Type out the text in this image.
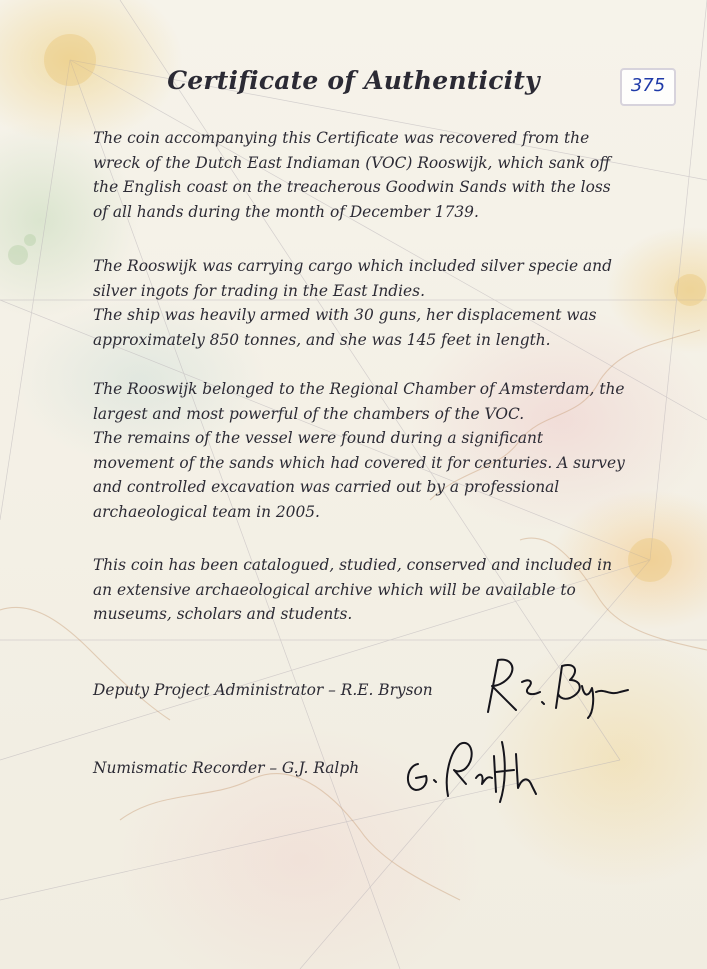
Certificate of Authenticity	375

The coin accompanying this Certificate was recovered from the wreck of the Dutch East Indiaman (VOC) Rooswijk, which sank off the English coast on the treacherous Goodwin Sands with the loss of all hands during the month of December 1739.

The Rooswijk was carrying cargo which included silver specie and silver ingots for trading in the East Indies.
The ship was heavily armed with 30 guns, her displacement was approximately 850 tonnes, and she was 145 feet in length.

The Rooswijk belonged to the Regional Chamber of Amsterdam, the largest and most powerful of the chambers of the VOC.
The remains of the vessel were found during a significant movement of the sands which had covered it for centuries. A survey and controlled excavation was carried out by a professional archaeological team in 2005.

This coin has been catalogued, studied, conserved and included in an extensive archaeological archive which will be available to museums, scholars and students.

Deputy Project Administrator – R.E. Bryson
Numismatic Recorder – G.J. Ralph
